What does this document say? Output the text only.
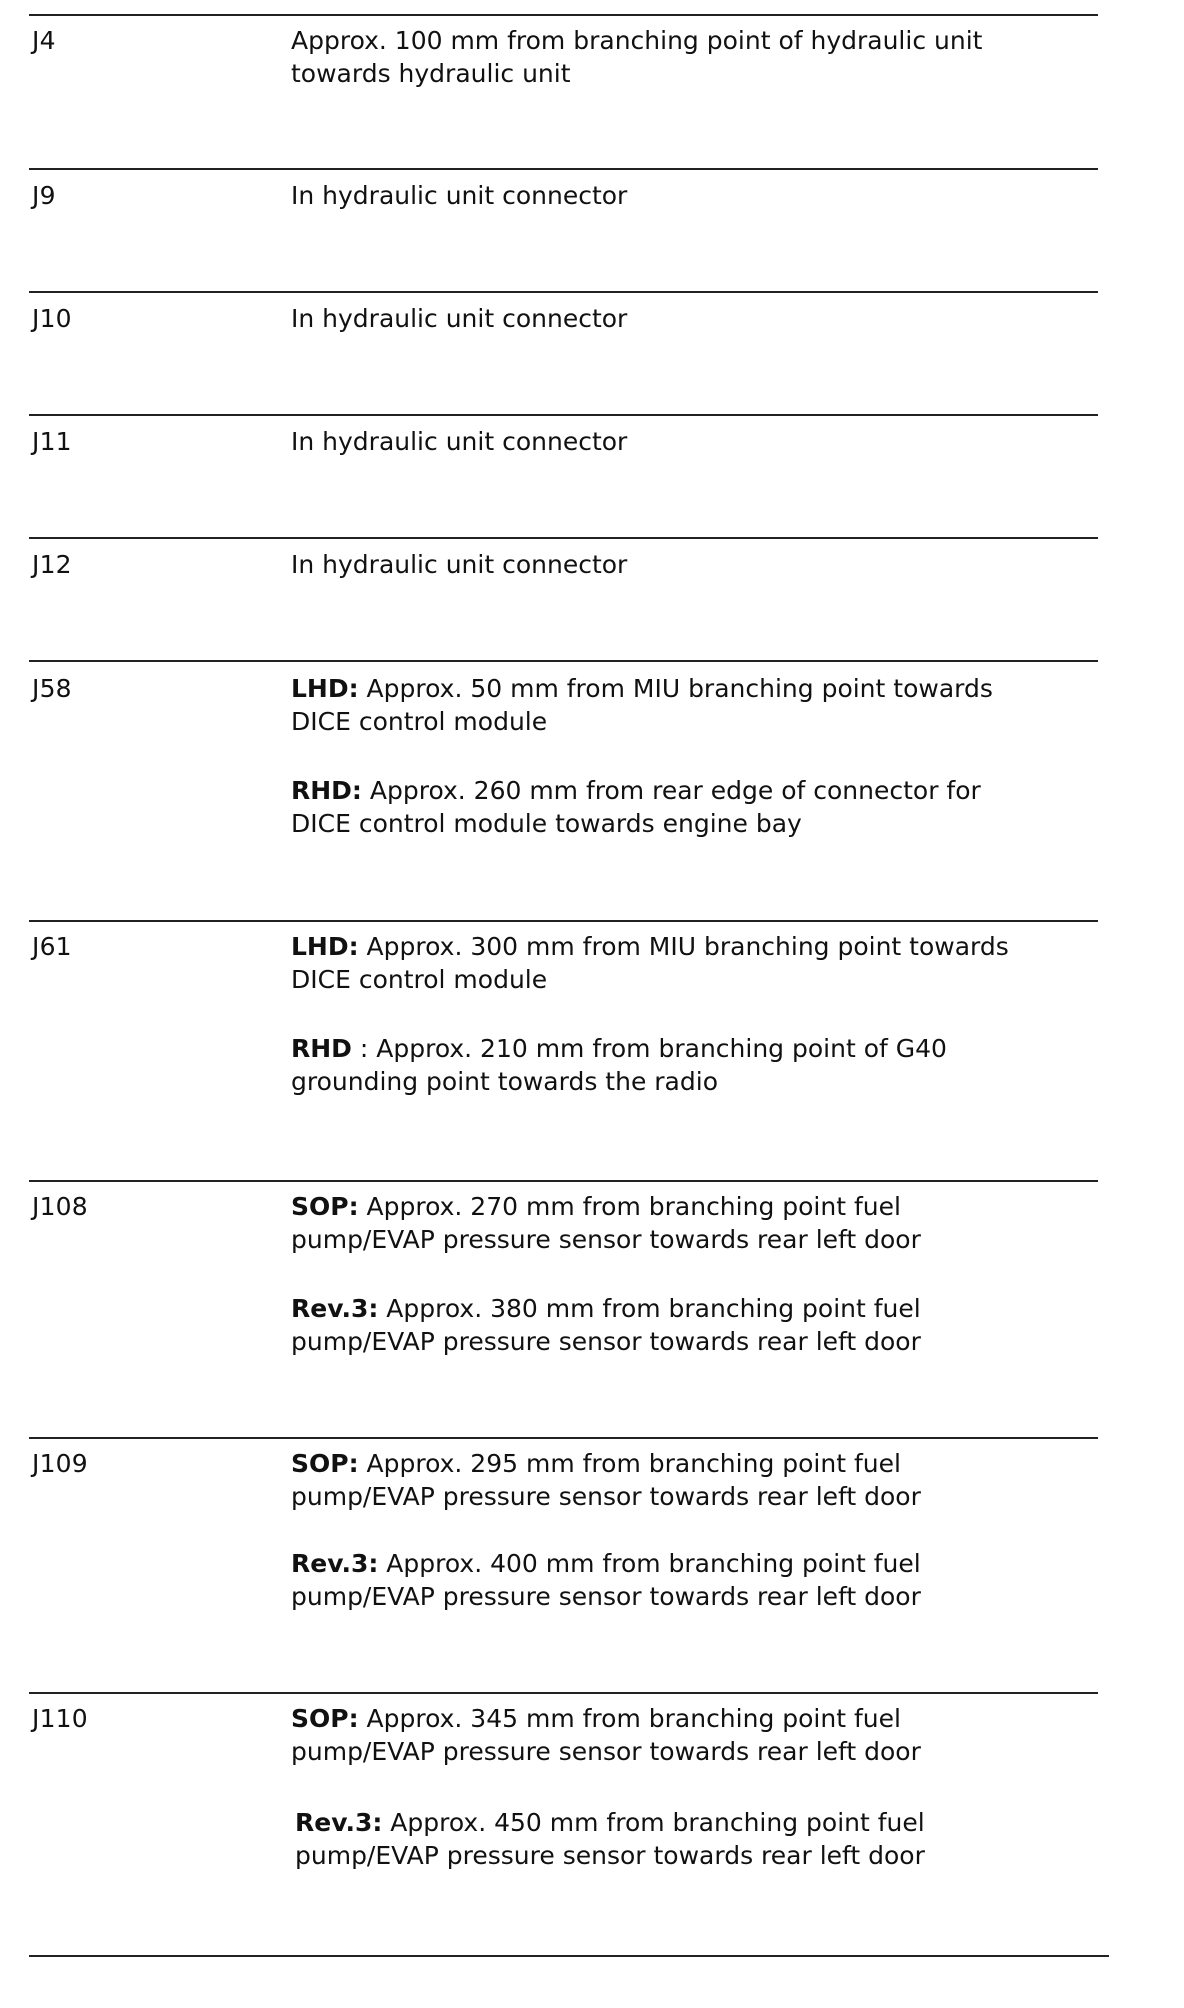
J4	Approx. 100 mm from branching point of hydraulic unit
towards hydraulic unit
J9	In hydraulic unit connector
J10	In hydraulic unit connector
J11	In hydraulic unit connector
J12	In hydraulic unit connector
J58	LHD: Approx. 50 mm from MIU branching point towards
DICE control module
RHD: Approx. 260 mm from rear edge of connector for
DICE control module towards engine bay
J61	LHD: Approx. 300 mm from MIU branching point towards
DICE control module
RHD : Approx. 210 mm from branching point of G40
grounding point towards the radio
J108	SOP: Approx. 270 mm from branching point fuel
pump/EVAP pressure sensor towards rear left door
Rev.3: Approx. 380 mm from branching point fuel
pump/EVAP pressure sensor towards rear left door
J109	SOP: Approx. 295 mm from branching point fuel
pump/EVAP pressure sensor towards rear left door
Rev.3: Approx. 400 mm from branching point fuel
pump/EVAP pressure sensor towards rear left door
J110	SOP: Approx. 345 mm from branching point fuel
pump/EVAP pressure sensor towards rear left door
Rev.3: Approx. 450 mm from branching point fuel
pump/EVAP pressure sensor towards rear left door
